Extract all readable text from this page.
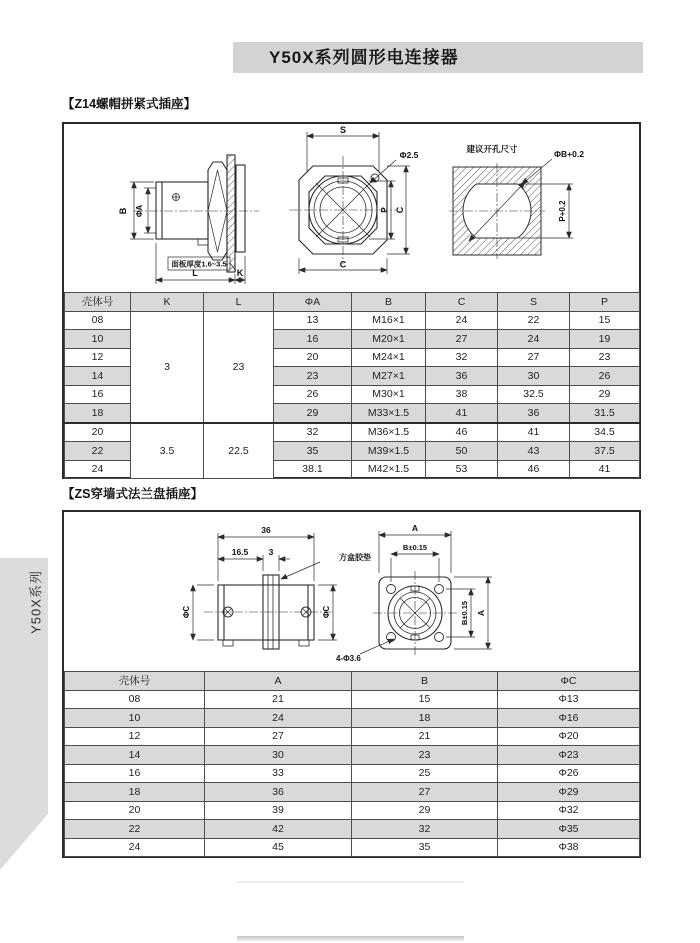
Y50X系列圆形电连接器
【Z14螺帽拼紧式插座】
B ΦA
面板厚度1.6~3.5
L	K
S
Φ2.5
P C
C
建议开孔尺寸	ΦB+0.2
P+0.2
壳体号	K	L	ΦA	B	C	S	P
08	3	23	13	M16×1	24	22	15
10			16	M20×1	27	24	19
12			20	M24×1	32	27	23
14			23	M27×1	36	30	26
16			26	M30×1	38	32.5	29
18			29	M33×1.5	41	36	31.5
20	3.5	22.5	32	M36×1.5	46	41	34.5
22			35	M39×1.5	50	43	37.5
24			38.1	M42×1.5	53	46	41
【ZS穿墙式法兰盘插座】
36
16.5 3
方盒胶垫
ΦC	ΦC
4-Φ3.6
A
B±0.15
B±0.15 A
壳体号	A	B	ΦC
08	21	15	Φ13
10	24	18	Φ16
12	27	21	Φ20
14	30	23	Φ23
16	33	25	Φ26
18	36	27	Φ29
20	39	29	Φ32
22	42	32	Φ35
24	45	35	Φ38
Y50X系列
